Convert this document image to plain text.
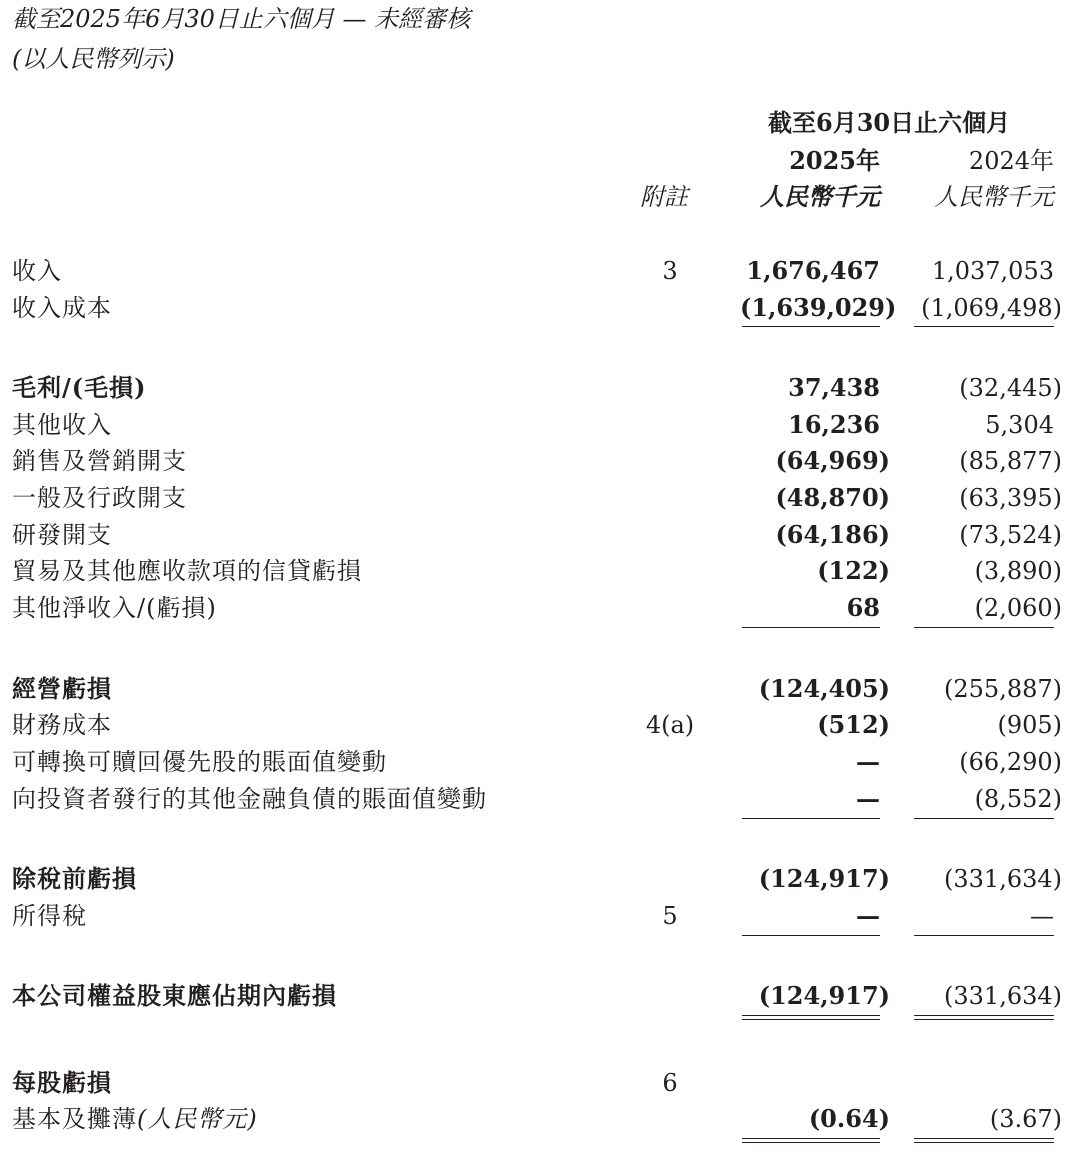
截至2025年6月30日止六個月 — 未經審核
(以人民幣列示)
截至6月30日止六個月
2025年	2024年
附註	人民幣千元	人民幣千元
收入	3	1,676,467	1,037,053
收入成本	(1,639,029)	(1,069,498)
毛利/(毛損)	37,438	(32,445)
其他收入	16,236	5,304
銷售及營銷開支	(64,969)	(85,877)
一般及行政開支	(48,870)	(63,395)
研發開支	(64,186)	(73,524)
貿易及其他應收款項的信貸虧損	(122)	(3,890)
其他淨收入/(虧損)	68	(2,060)
經營虧損	(124,405)	(255,887)
財務成本	4(a)	(512)	(905)
可轉換可贖回優先股的賬面值變動	—	(66,290)
向投資者發行的其他金融負債的賬面值變動	—	(8,552)
除稅前虧損	(124,917)	(331,634)
所得稅	5	—	—
本公司權益股東應佔期內虧損	(124,917)	(331,634)
每股虧損	6
基本及攤薄(人民幣元)	(0.64)	(3.67)
